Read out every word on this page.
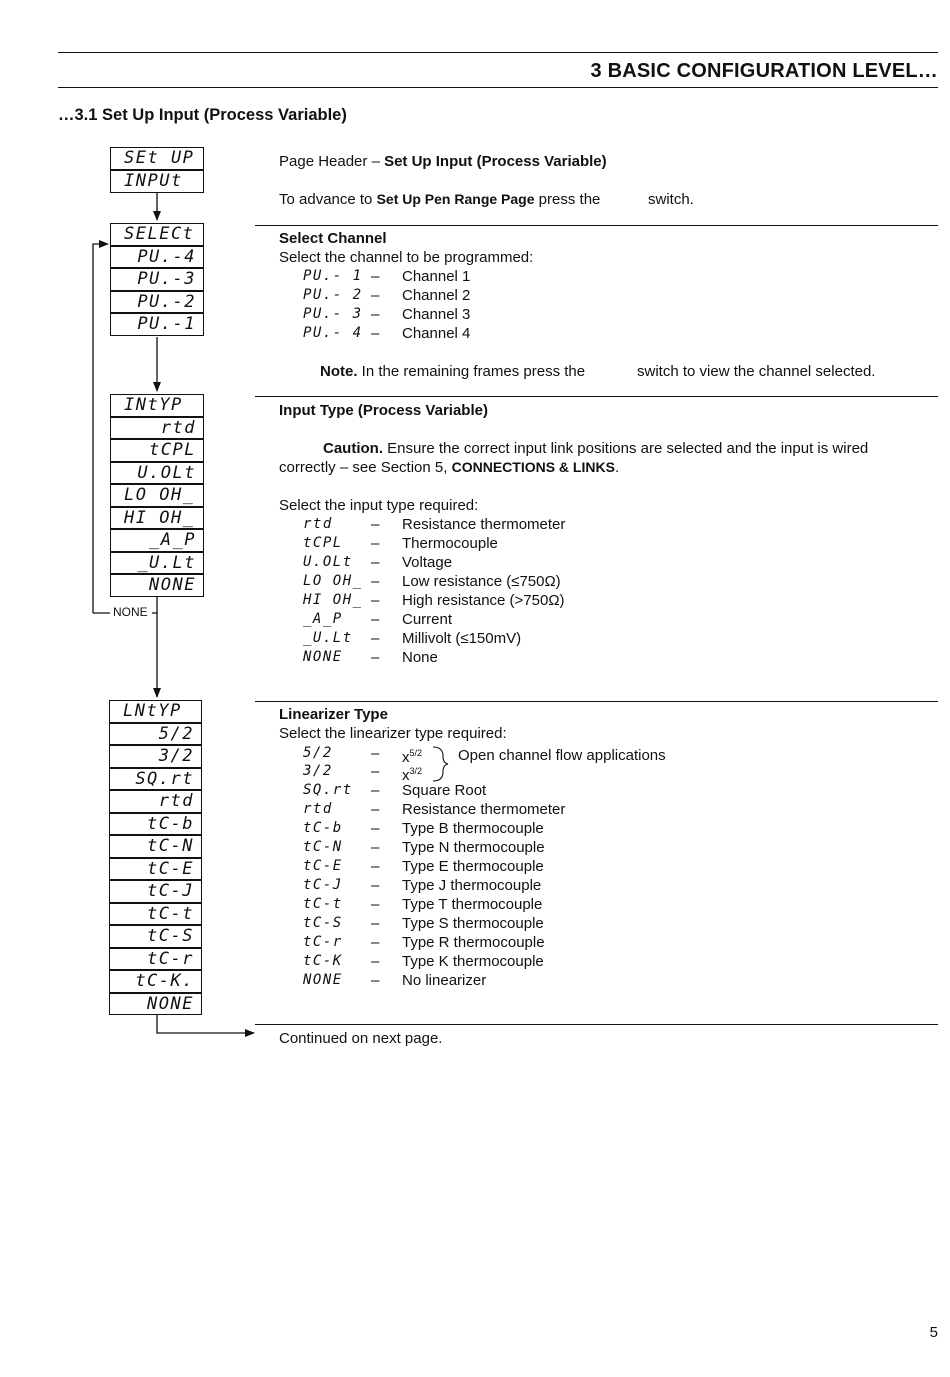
3 BASIC CONFIGURATION LEVEL…
…3.1 Set Up Input (Process Variable)
NONE
SEt UP
INPUt
SELECt
PU.-4
PU.-3
PU.-2
PU.-1
INtYP
rtd
tCPL
U.OLt
LO OH_
HI OH_
_A_P
_U.Lt
NONE
LNtYP
5/2
3/2
SQ.rt
rtd
tC-b
tC-N
tC-E
tC-J
tC-t
tC-S
tC-r
tC-K.
NONE
Page Header – Set Up Input (Process Variable)
To advance to Set Up Pen Range Page press the	switch.
Select Channel
Select the channel to be programmed:
PU.- 1 – Channel 1
PU.- 2 – Channel 2
PU.- 3 – Channel 3
PU.- 4 – Channel 4
Note. In the remaining frames press the	switch to view the channel selected.
Input Type (Process Variable)
Caution. Ensure the correct input link positions are selected and the input is wired
correctly – see Section 5, CONNECTIONS & LINKS.
Select the input type required:
rtd	– Resistance thermometer
tCPL – Thermocouple
U.OLt – Voltage
LO OH_ – Low resistance (≤750Ω)
HI OH_ – High resistance (>750Ω)
_A_P – Current
_U.Lt – Millivolt (≤150mV)
NONE – None
Linearizer Type
Select the linearizer type required:
5/2	– $x^{5/2}$
3/2	– $x^{3/2}$
Open channel flow applications
SQ.rt – Square Root
rtd	– Resistance thermometer
tC-b – Type B thermocouple
tC-N – Type N thermocouple
tC-E – Type E thermocouple
tC-J – Type J thermocouple
tC-t – Type T thermocouple
tC-S – Type S thermocouple
tC-r – Type R thermocouple
tC-K – Type K thermocouple
NONE – No linearizer
Continued on next page.
5
